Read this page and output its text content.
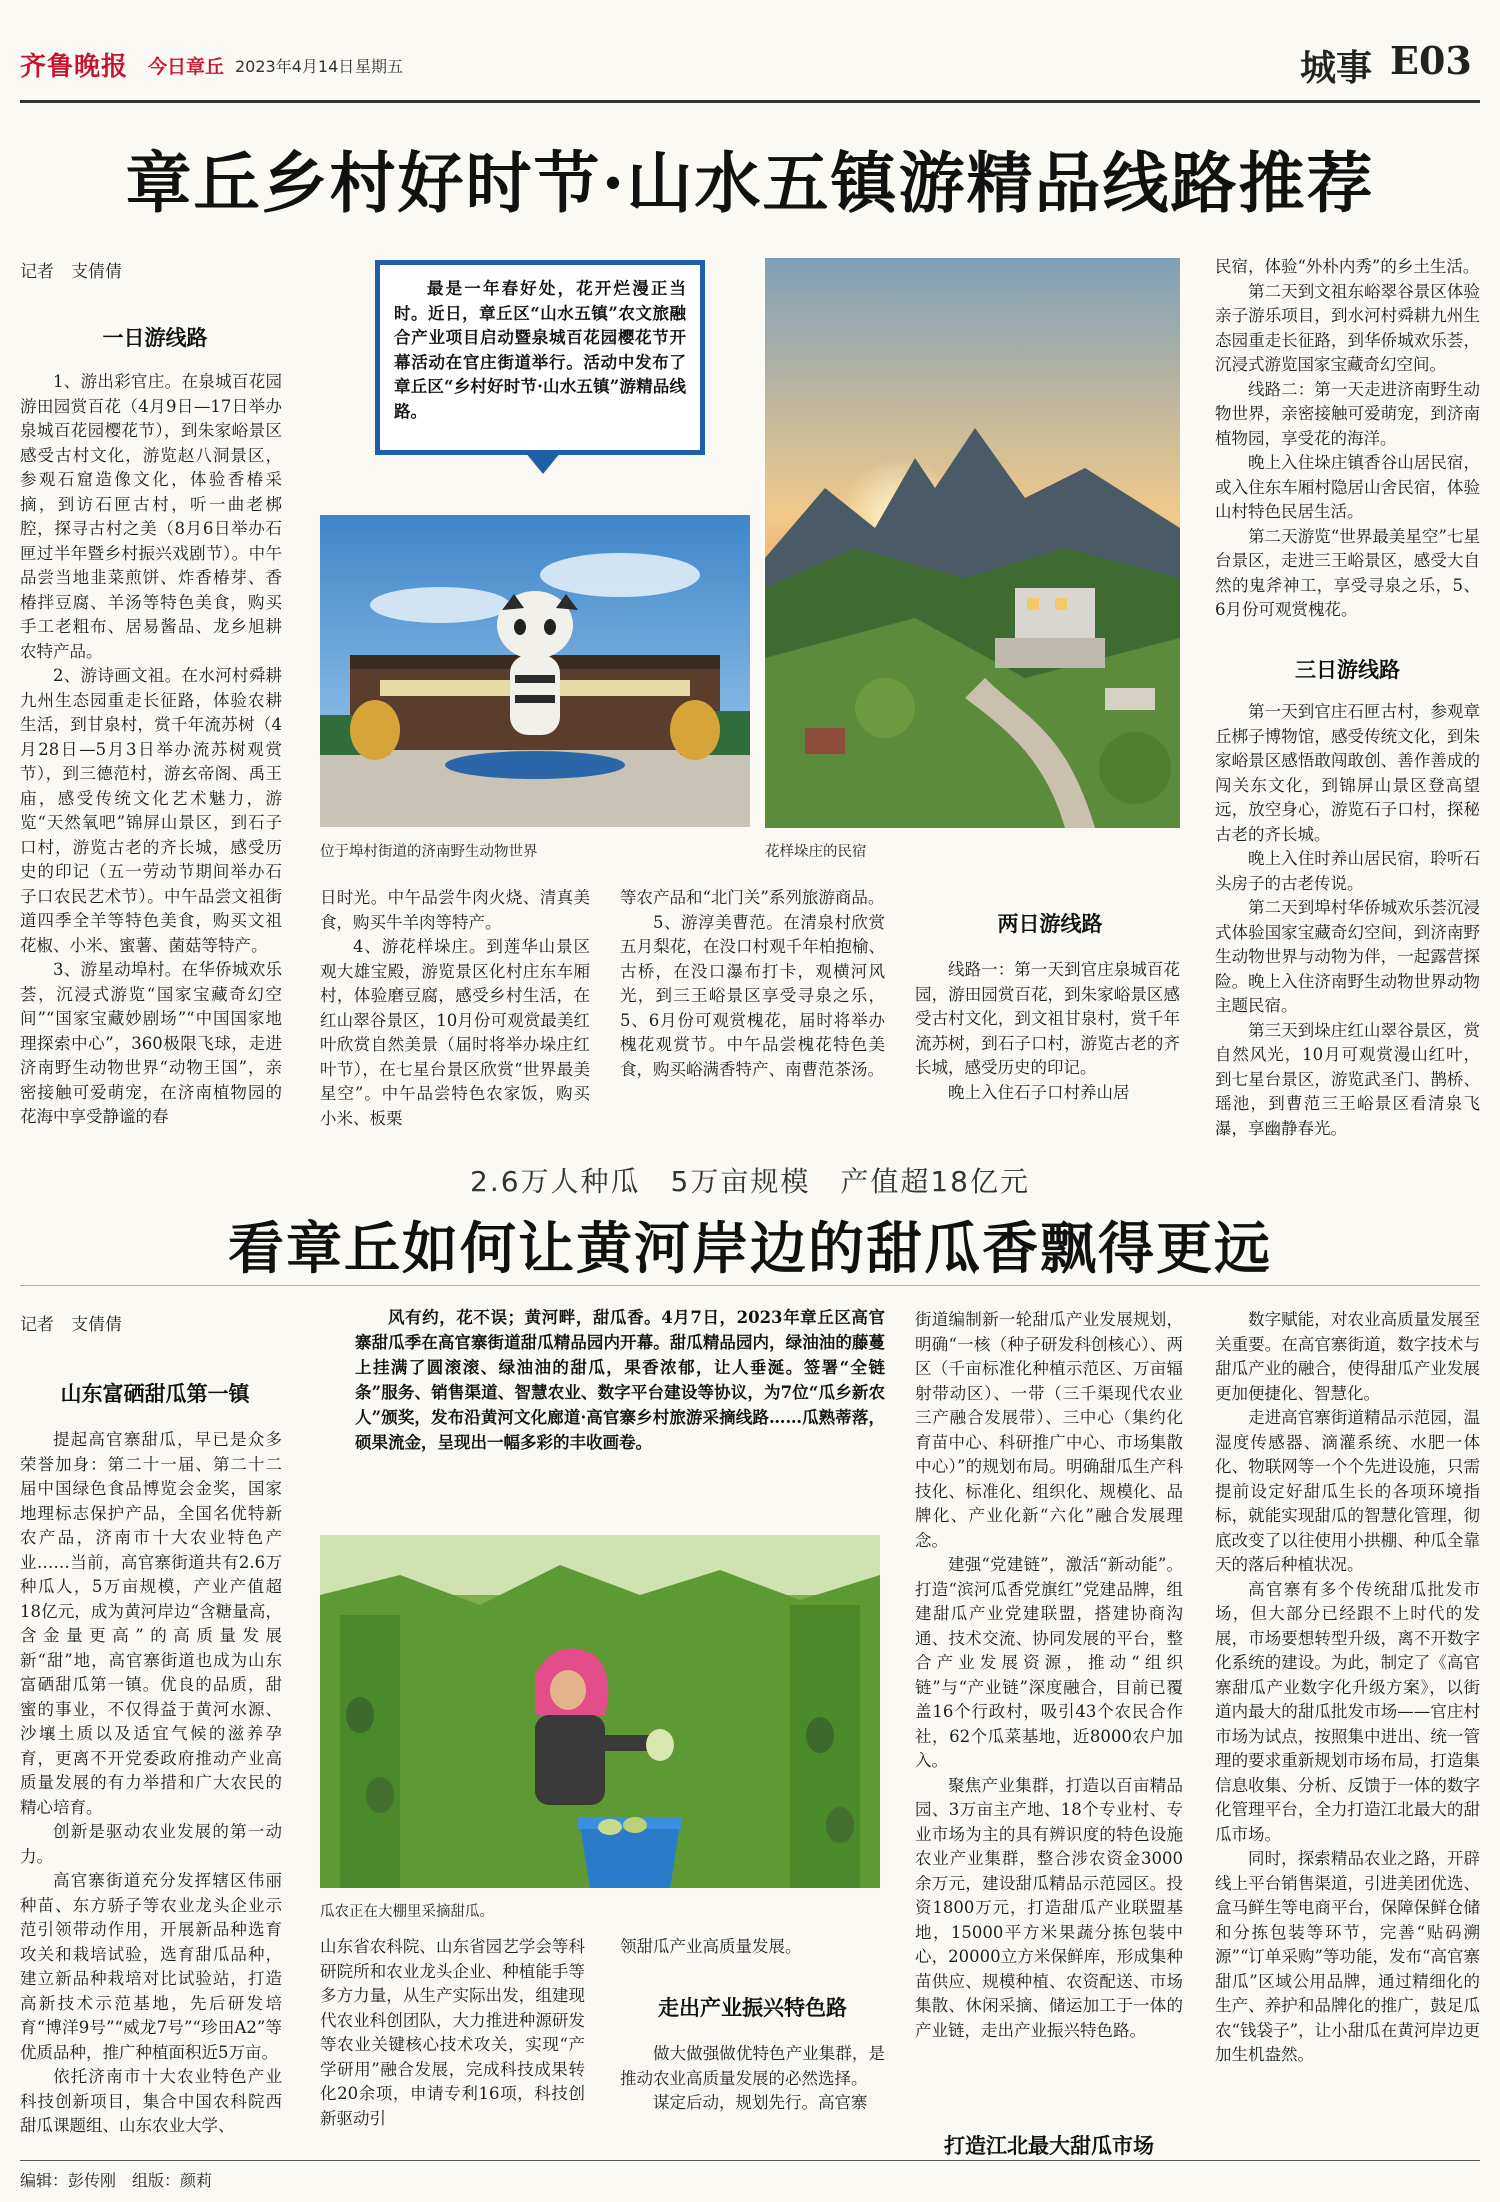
齐鲁晚报 今日章丘 2023年4月14日 星期五	城事 E03
章丘乡村好时节·山水五镇游精品线路推荐
记者　支倩倩
一日游线路

1、游出彩官庄。在泉城百花园游田园赏百花（4月9日—17日举办泉城百花园樱花节），到朱家峪景区感受古村文化，游览赵八洞景区，参观石窟造像文化，体验香椿采摘，到访石匣古村，听一曲老梆腔，探寻古村之美（8月6日举办石匣过半年暨乡村振兴戏剧节）。中午品尝当地韭菜煎饼、炸香椿芽、香椿拌豆腐、羊汤等特色美食，购买手工老粗布、居易酱品、龙乡旭耕农特产品。

2、游诗画文祖。在水河村舜耕九州生态园重走长征路，体验农耕生活，到甘泉村，赏千年流苏树（4月28日—5月3日举办流苏树观赏节），到三德范村，游玄帝阁、禹王庙，感受传统文化艺术魅力，游览“天然氧吧”锦屏山景区，到石子口村，游览古老的齐长城，感受历史的印记（五一劳动节期间举办石子口农民艺术节）。中午品尝文祖街道四季全羊等特色美食，购买文祖花椒、小米、蜜薯、菌菇等特产。

3、游星动埠村。在华侨城欢乐荟，沉浸式游览“国家宝藏奇幻空间”“国家宝藏妙剧场”“中国国家地理探索中心”，360极限飞球，走进济南野生动物世界“动物王国”，亲密接触可爱萌宠，在济南植物园的花海中享受静谧的春

最是一年春好处，花开烂漫正当时。近日，章丘区“山水五镇”农文旅融合产业项目启动暨泉城百花园樱花节开幕活动在官庄街道举行。活动中发布了章丘区“乡村好时节·山水五镇”游精品线路。

位于埠村街道的济南野生动物世界	花样垛庄的民宿

日时光。中午品尝牛肉火烧、清真美食，购买牛羊肉等特产。

4、游花样垛庄。到莲华山景区观大雄宝殿，游览景区化村庄东车厢村，体验磨豆腐，感受乡村生活，在红山翠谷景区，10月份可观赏最美红叶欣赏自然美景（届时将举办垛庄红叶节），在七星台景区欣赏“世界最美星空”。中午品尝特色农家饭，购买小米、板栗

等农产品和“北门关”系列旅游商品。

5、游淳美曹范。在清泉村欣赏五月梨花，在没口村观千年柏抱榆、古桥，在没口瀑布打卡，观横河风光，到三王峪景区享受寻泉之乐，5、6月份可观赏槐花，届时将举办槐花观赏节。中午品尝槐花特色美食，购买峪满香特产、南曹范茶汤。

两日游线路

线路一：第一天到官庄泉城百花园，游田园赏百花，到朱家峪景区感受古村文化，到文祖甘泉村，赏千年流苏树，到石子口村，游览古老的齐长城，感受历史的印记。

晚上入住石子口村养山居

民宿，体验“外朴内秀”的乡土生活。

第二天到文祖东峪翠谷景区体验亲子游乐项目，到水河村舜耕九州生态园重走长征路，到华侨城欢乐荟，沉浸式游览国家宝藏奇幻空间。

线路二：第一天走进济南野生动物世界，亲密接触可爱萌宠，到济南植物园，享受花的海洋。

晚上入住垛庄镇香谷山居民宿，或入住东车厢村隐居山舍民宿，体验山村特色民居生活。

第二天游览“世界最美星空”七星台景区，走进三王峪景区，感受大自然的鬼斧神工，享受寻泉之乐，5、6月份可观赏槐花。

三日游线路

第一天到官庄石匣古村，参观章丘梆子博物馆，感受传统文化，到朱家峪景区感悟敢闯敢创、善作善成的闯关东文化，到锦屏山景区登高望远，放空身心，游览石子口村，探秘古老的齐长城。

晚上入住时养山居民宿，聆听石头房子的古老传说。

第二天到埠村华侨城欢乐荟沉浸式体验国家宝藏奇幻空间，到济南野生动物世界与动物为伴，一起露营探险。晚上入住济南野生动物世界动物主题民宿。

第三天到垛庄红山翠谷景区，赏自然风光，10月可观赏漫山红叶，到七星台景区，游览武圣门、鹊桥、瑶池，到曹范三王峪景区看清泉飞瀑，享幽静春光。

2.6万人种瓜　5万亩规模　产值超18亿元
看章丘如何让黄河岸边的甜瓜香飘得更远
记者　支倩倩
山东富硒甜瓜第一镇

提起高官寨甜瓜，早已是众多荣誉加身：第二十一届、第二十二届中国绿色食品博览会金奖，国家地理标志保护产品，全国名优特新农产品，济南市十大农业特色产业……当前，高官寨街道共有2.6万种瓜人，5万亩规模，产业产值超18亿元，成为黄河岸边“含糖量高，含金量更高”的高质量发展新“甜”地，高官寨街道也成为山东富硒甜瓜第一镇。优良的品质，甜蜜的事业，不仅得益于黄河水源、沙壤土质以及适宜气候的滋养孕育，更离不开党委政府推动产业高质量发展的有力举措和广大农民的精心培育。

创新是驱动农业发展的第一动力。

高官寨街道充分发挥辖区伟丽种苗、东方骄子等农业龙头企业示范引领带动作用，开展新品种选育攻关和栽培试验，选育甜瓜品种，建立新品种栽培对比试验站，打造高新技术示范基地，先后研发培育“博洋9号”“威龙7号”“珍田A2”等优质品种，推广种植面积近5万亩。

依托济南市十大农业特色产业科技创新项目，集合中国农科院西甜瓜课题组、山东农业大学、

风有约，花不误；黄河畔，甜瓜香。4月7日，2023年章丘区高官寨甜瓜季在高官寨街道甜瓜精品园内开幕。甜瓜精品园内，绿油油的藤蔓上挂满了圆滚滚、绿油油的甜瓜，果香浓郁，让人垂涎。签署“全链条”服务、销售渠道、智慧农业、数字平台建设等协议，为7位“瓜乡新农人”颁奖，发布沿黄河文化廊道·高官寨乡村旅游采摘线路……瓜熟蒂落，硕果流金，呈现出一幅多彩的丰收画卷。

瓜农正在大棚里采摘甜瓜。

山东省农科院、山东省园艺学会等科研院所和农业龙头企业、种植能手等多方力量，从生产实际出发，组建现代农业科创团队，大力推进种源研发等农业关键核心技术攻关，实现“产学研用”融合发展，完成科技成果转化20余项，申请专利16项，科技创新驱动引

领甜瓜产业高质量发展。

走出产业振兴特色路

做大做强做优特色产业集群，是推动农业高质量发展的必然选择。

谋定后动，规划先行。高官寨

街道编制新一轮甜瓜产业发展规划，明确“一核（种子研发科创核心）、两区（千亩标准化种植示范区、万亩辐射带动区）、一带（三千渠现代农业三产融合发展带）、三中心（集约化育苗中心、科研推广中心、市场集散中心）”的规划布局。明确甜瓜生产科技化、标准化、组织化、规模化、品牌化、产业化新“六化”融合发展理念。

建强“党建链”，激活“新动能”。打造“滨河瓜香党旗红”党建品牌，组建甜瓜产业党建联盟，搭建协商沟通、技术交流、协同发展的平台，整合产业发展资源，推动“组织链”与“产业链”深度融合，目前已覆盖16个行政村，吸引43个农民合作社，62个瓜菜基地，近8000农户加入。

聚焦产业集群，打造以百亩精品园、3万亩主产地、18个专业村、专业市场为主的具有辨识度的特色设施农业产业集群，整合涉农资金3000余万元，建设甜瓜精品示范园区。投资1800万元，打造甜瓜产业联盟基地，15000平方米果蔬分拣包装中心，20000立方米保鲜库，形成集种苗供应、规模种植、农资配送、市场集散、休闲采摘、储运加工于一体的产业链，走出产业振兴特色路。

打造江北最大甜瓜市场

数字赋能，对农业高质量发展至关重要。在高官寨街道，数字技术与甜瓜产业的融合，使得甜瓜产业发展更加便捷化、智慧化。

走进高官寨街道精品示范园，温湿度传感器、滴灌系统、水肥一体化、物联网等一个个先进设施，只需提前设定好甜瓜生长的各项环境指标，就能实现甜瓜的智慧化管理，彻底改变了以往使用小拱棚、种瓜全靠天的落后种植状况。

高官寨有多个传统甜瓜批发市场，但大部分已经跟不上时代的发展，市场要想转型升级，离不开数字化系统的建设。为此，制定了《高官寨甜瓜产业数字化升级方案》，以街道内最大的甜瓜批发市场——官庄村市场为试点，按照集中进出、统一管理的要求重新规划市场布局，打造集信息收集、分析、反馈于一体的数字化管理平台，全力打造江北最大的甜瓜市场。

同时，探索精品农业之路，开辟线上平台销售渠道，引进美团优选、盒马鲜生等电商平台，保障保鲜仓储和分拣包装等环节，完善“贴码溯源”“订单采购”等功能，发布“高官寨甜瓜”区域公用品牌，通过精细化的生产、养护和品牌化的推广，鼓足瓜农“钱袋子”，让小甜瓜在黄河岸边更加生机盎然。

编辑：彭传刚　组版：颜莉
